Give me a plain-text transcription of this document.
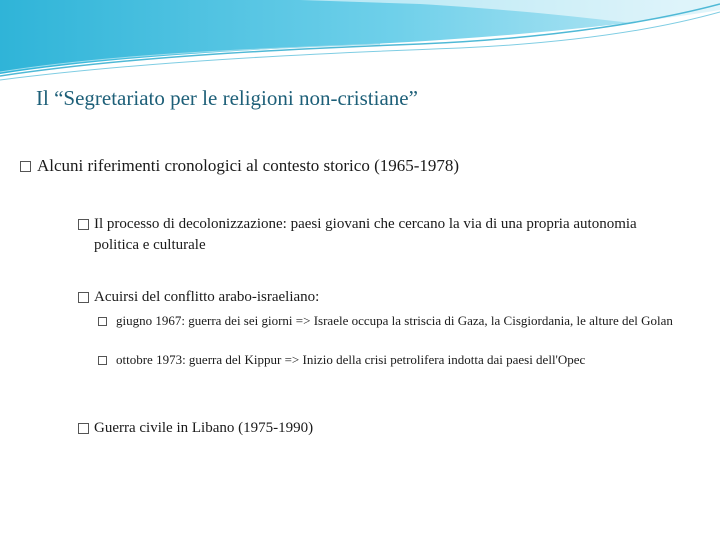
Il “Segretariato per le religioni non-cristiane”
Alcuni riferimenti cronologici al contesto storico (1965-1978)
Il processo di decolonizzazione: paesi giovani che cercano la via di una propria autonomia politica e culturale
Acuirsi del conflitto arabo-israeliano:
giugno 1967: guerra dei sei giorni => Israele occupa la striscia di Gaza, la Cisgiordania, le alture del Golan
ottobre 1973: guerra del Kippur => Inizio della crisi petrolifera indotta dai paesi dell'Opec
Guerra civile in Libano (1975-1990)
